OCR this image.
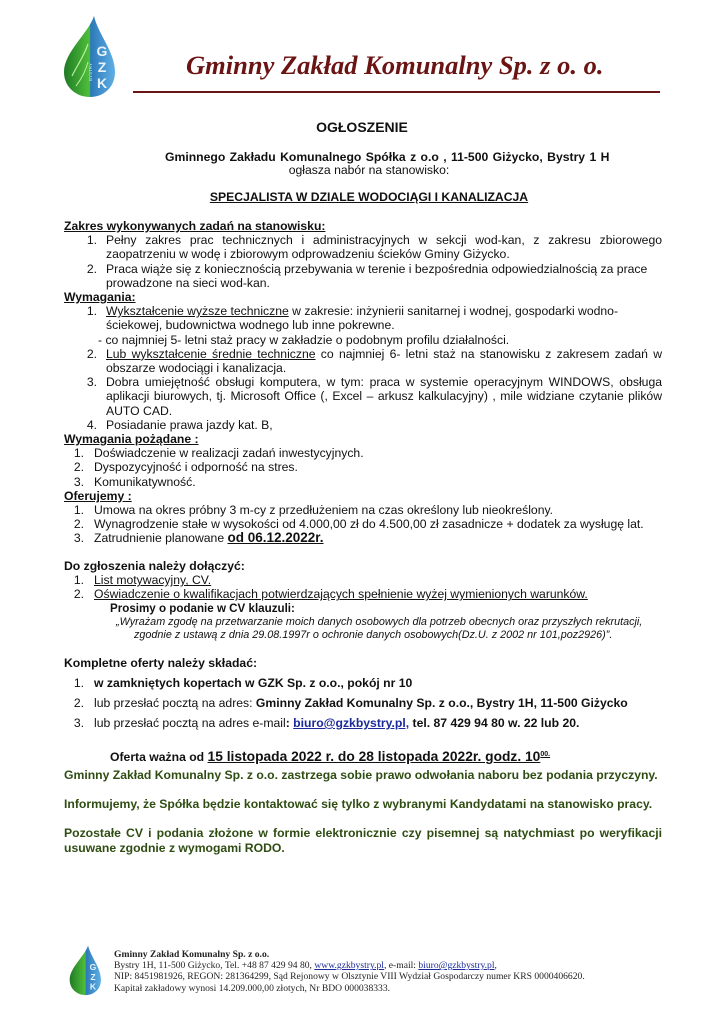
G
Z
K
BYSTRY	Gminny Zakład Komunalny Sp. z o. o.
OGŁOSZENIE
Gminnego Zakładu Komunalnego Spółka z o.o , 11-500 Giżycko, Bystry 1 H
ogłasza nabór na stanowisko:
SPECJALISTA W DZIALE WODOCIĄGI I KANALIZACJA
Zakres wykonywanych zadań na stanowisku:
1. Pełny zakres prac technicznych i administracyjnych w sekcji wod-kan, z zakresu zbiorowego zaopatrzeniu w wodę i zbiorowym odprowadzeniu ścieków Gminy Giżycko.
2. Praca wiąże się z koniecznością przebywania w terenie i bezpośrednia odpowiedzialnością za prace prowadzone na sieci wod-kan.
Wymagania:
1. Wykształcenie wyższe techniczne w zakresie: inżynierii sanitarnej i wodnej, gospodarki wodno-ściekowej, budownictwa wodnego lub inne pokrewne.
- co najmniej 5- letni staż pracy w zakładzie o podobnym profilu działalności.
2. Lub wykształcenie średnie techniczne co najmniej 6- letni staż na stanowisku z zakresem zadań w obszarze wodociągi i kanalizacja.
3. Dobra umiejętność obsługi komputera, w tym: praca w systemie operacyjnym WINDOWS, obsługa aplikacji biurowych, tj. Microsoft Office (, Excel – arkusz kalkulacyjny) , mile widziane czytanie plików AUTO CAD.
4. Posiadanie prawa jazdy kat. B,
Wymagania pożądane :
1. Doświadczenie w realizacji zadań inwestycyjnych.
2. Dyspozycyjność i odporność na stres.
3. Komunikatywność.
Oferujemy :
1. Umowa na okres próbny 3 m-cy z przedłużeniem na czas określony lub nieokreślony.
2. Wynagrodzenie stałe w wysokości od 4.000,00 zł do 4.500,00 zł zasadnicze + dodatek za wysługę lat.
3. Zatrudnienie planowane od 06.12.2022r.
Do zgłoszenia należy dołączyć:
1. List motywacyjny, CV.
2. Oświadczenie o kwalifikacjach potwierdzających spełnienie wyżej wymienionych warunków.
Prosimy o podanie w CV klauzuli:
„Wyrażam zgodę na przetwarzanie moich danych osobowych dla potrzeb obecnych oraz przyszłych rekrutacji,
zgodnie z ustawą z dnia 29.08.1997r o ochronie danych osobowych(Dz.U. z 2002 nr 101,poz2926)”.
Kompletne oferty należy składać:
1. w zamkniętych kopertach w GZK Sp. z o.o., pokój nr 10
2. lub przesłać pocztą na adres: Gminny Zakład Komunalny Sp. z o.o., Bystry 1H, 11-500 Giżycko
3. lub przesłać pocztą na adres e-mail: biuro@gzkbystry.pl, tel. 87 429 94 80 w. 22 lub 20.
Oferta ważna od 15 listopada 2022 r. do 28 listopada 2022r. godz. $10^{00.}$
Gminny Zakład Komunalny Sp. z o.o. zastrzega sobie prawo odwołania naboru bez podania przyczyny.
Informujemy, że Spółka będzie kontaktować się tylko z wybranymi Kandydatami na stanowisko pracy.
Pozostałe CV i podania złożone w formie elektronicznie czy pisemnej są natychmiast po weryfikacji usuwane zgodnie z wymogami RODO.
G
Z
K
Gminny Zakład Komunalny Sp. z o.o.
Bystry 1H, 11-500 Giżycko, Tel. +48 87 429 94 80, www.gzkbystry.pl, e-mail: biuro@gzkbystry.pl,
NIP: 8451981926, REGON: 281364299, Sąd Rejonowy w Olsztynie VIII Wydział Gospodarczy numer KRS 0000406620.
Kapitał zakładowy wynosi 14.209.000,00 złotych, Nr BDO 000038333.
